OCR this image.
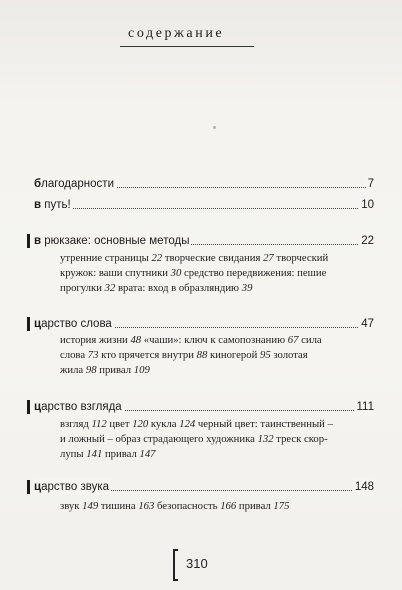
содержание
благодарности	7
в путь!	10
в рюкзаке: основные методы	22
утренние страницы 22 творческие свидания 27 творческий
кружок: ваши спутники 30 средство передвижения: пешие
прогулки 32 врата: вход в образляндию 39
царство слова	47
история жизни 48 «чаши»: ключ к самопознанию 67 сила
слова 73 кто прячется внутри 88 киногерой 95 золотая
жила 98 привал 109
царство взгляда	111
взгляд 112 цвет 120 кукла 124 черный цвет: таинственный –
и ложный – образ страдающего художника 132 треск скор-
лупы 141 привал 147
царство звука	148
звук 149 тишина 163 безопасность 166 привал 175
310
